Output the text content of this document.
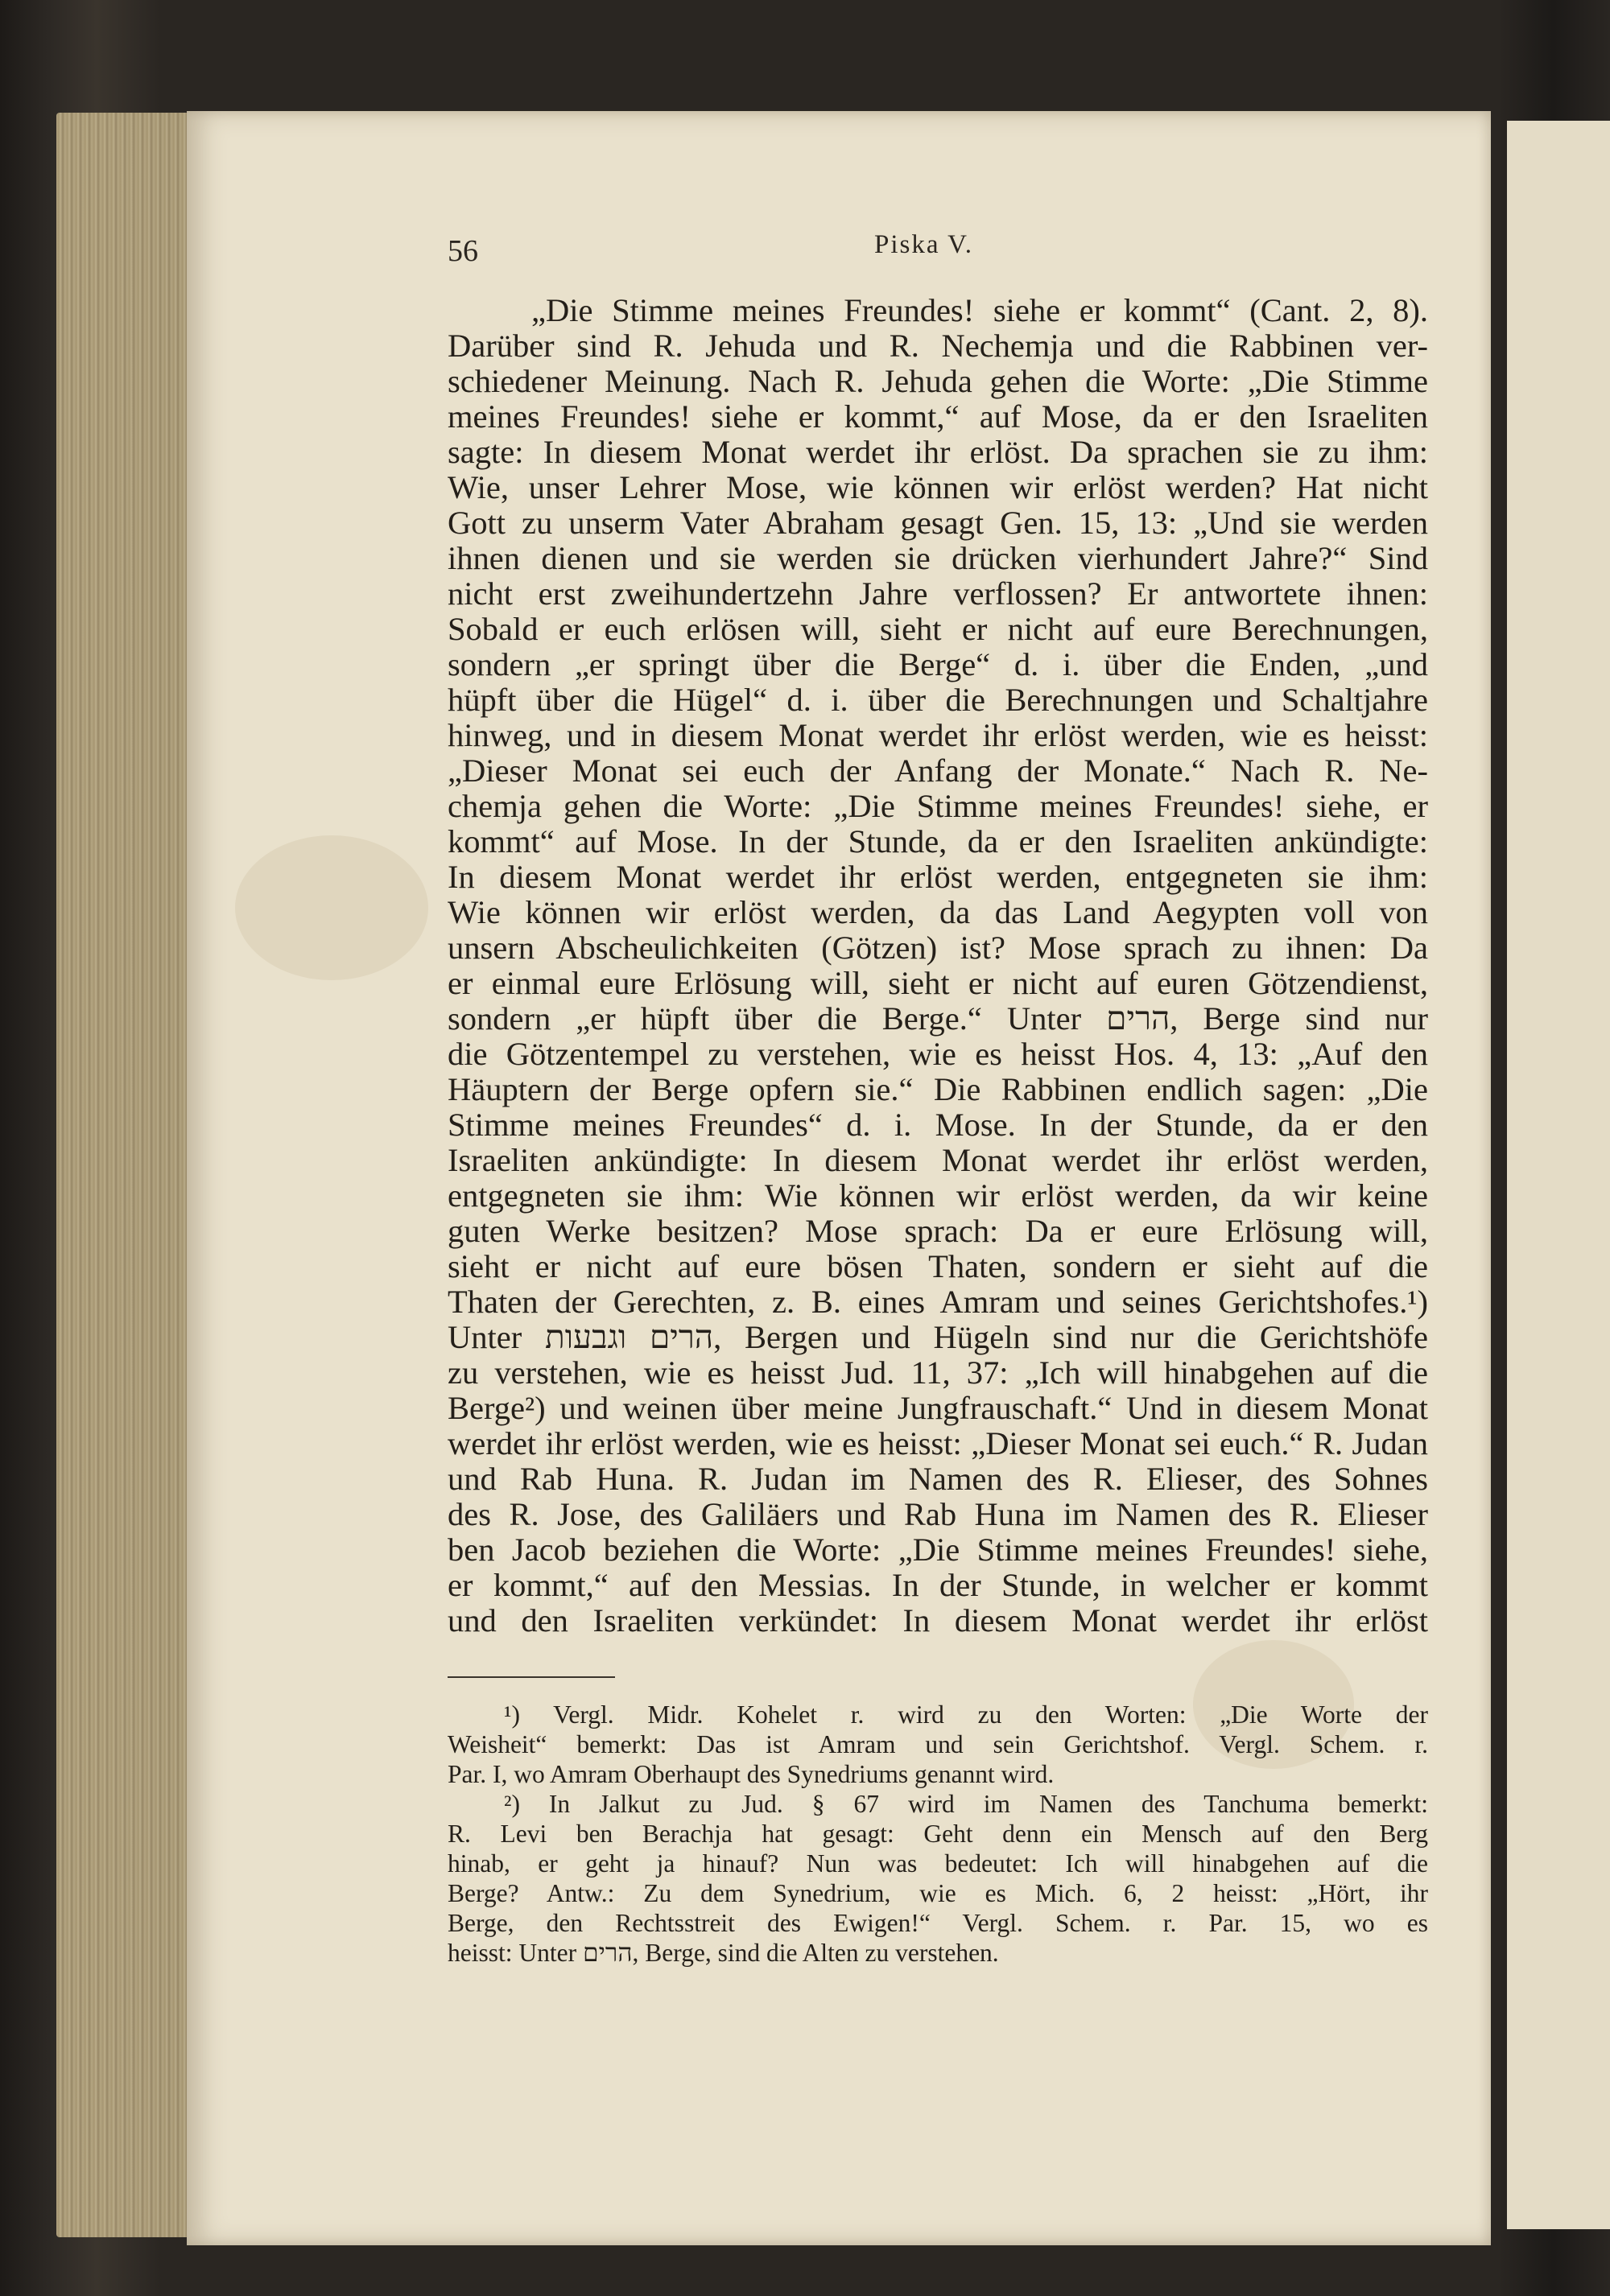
56	Piska V.
„Die Stimme meines Freundes! siehe er kommt“ (Cant. 2, 8).
Darüber sind R. Jehuda und R. Nechemja und die Rabbinen ver-
schiedener Meinung. Nach R. Jehuda gehen die Worte: „Die Stimme
meines Freundes! siehe er kommt,“ auf Mose, da er den Israeliten
sagte: In diesem Monat werdet ihr erlöst. Da sprachen sie zu ihm:
Wie, unser Lehrer Mose, wie können wir erlöst werden? Hat nicht
Gott zu unserm Vater Abraham gesagt Gen. 15, 13: „Und sie werden
ihnen dienen und sie werden sie drücken vierhundert Jahre?“ Sind
nicht erst zweihundertzehn Jahre verflossen? Er antwortete ihnen:
Sobald er euch erlösen will, sieht er nicht auf eure Berechnungen,
sondern „er springt über die Berge“ d. i. über die Enden, „und
hüpft über die Hügel“ d. i. über die Berechnungen und Schaltjahre
hinweg, und in diesem Monat werdet ihr erlöst werden, wie es heisst:
„Dieser Monat sei euch der Anfang der Monate.“ Nach R. Ne-
chemja gehen die Worte: „Die Stimme meines Freundes! siehe, er
kommt“ auf Mose. In der Stunde, da er den Israeliten ankündigte:
In diesem Monat werdet ihr erlöst werden, entgegneten sie ihm:
Wie können wir erlöst werden, da das Land Aegypten voll von
unsern Abscheulichkeiten (Götzen) ist? Mose sprach zu ihnen: Da
er einmal eure Erlösung will, sieht er nicht auf euren Götzendienst,
sondern „er hüpft über die Berge.“ Unter הרים, Berge sind nur
die Götzentempel zu verstehen, wie es heisst Hos. 4, 13: „Auf den
Häuptern der Berge opfern sie.“ Die Rabbinen endlich sagen: „Die
Stimme meines Freundes“ d. i. Mose. In der Stunde, da er den
Israeliten ankündigte: In diesem Monat werdet ihr erlöst werden,
entgegneten sie ihm: Wie können wir erlöst werden, da wir keine
guten Werke besitzen? Mose sprach: Da er eure Erlösung will,
sieht er nicht auf eure bösen Thaten, sondern er sieht auf die
Thaten der Gerechten, z. B. eines Amram und seines Gerichtshofes.¹)
Unter הרים וגבעות, Bergen und Hügeln sind nur die Gerichtshöfe
zu verstehen, wie es heisst Jud. 11, 37: „Ich will hinabgehen auf die
Berge²) und weinen über meine Jungfrauschaft.“ Und in diesem Monat
werdet ihr erlöst werden, wie es heisst: „Dieser Monat sei euch.“ R. Judan
und Rab Huna. R. Judan im Namen des R. Elieser, des Sohnes
des R. Jose, des Galiläers und Rab Huna im Namen des R. Elieser
ben Jacob beziehen die Worte: „Die Stimme meines Freundes! siehe,
er kommt,“ auf den Messias. In der Stunde, in welcher er kommt
und den Israeliten verkündet: In diesem Monat werdet ihr erlöst
¹) Vergl. Midr. Kohelet r. wird zu den Worten: „Die Worte der
Weisheit“ bemerkt: Das ist Amram und sein Gerichtshof. Vergl. Schem. r.
Par. I, wo Amram Oberhaupt des Synedriums genannt wird.
²) In Jalkut zu Jud. § 67 wird im Namen des Tanchuma bemerkt:
R. Levi ben Berachja hat gesagt: Geht denn ein Mensch auf den Berg
hinab, er geht ja hinauf? Nun was bedeutet: Ich will hinabgehen auf die
Berge? Antw.: Zu dem Synedrium, wie es Mich. 6, 2 heisst: „Hört, ihr
Berge, den Rechtsstreit des Ewigen!“ Vergl. Schem. r. Par. 15, wo es
heisst: Unter הרים, Berge, sind die Alten zu verstehen.
